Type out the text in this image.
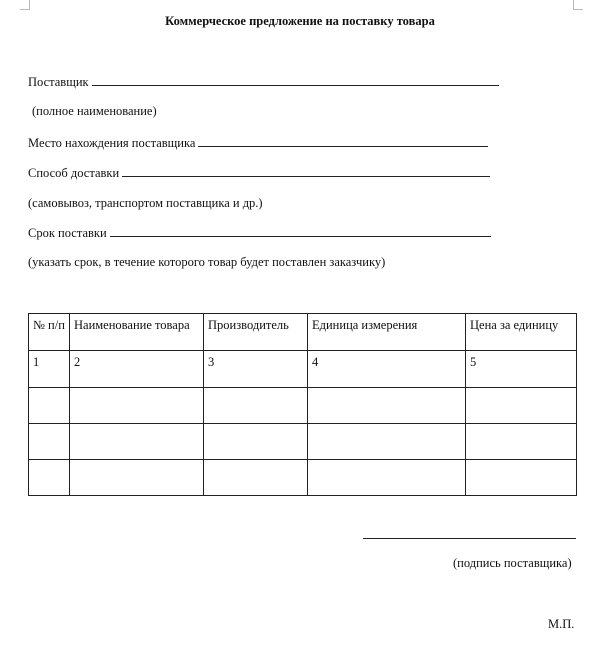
Коммерческое предложение на поставку товара
Поставщик
(полное наименование)
Место нахождения поставщика
Способ доставки
(самовывоз, транспортом поставщика и др.)
Срок поставки
(указать срок, в течение которого товар будет поставлен заказчику)
№ п/п	Наименование товара	Производитель	Единица измерения	Цена за единицу
1	2	3	4	5

(подпись поставщика)
М.П.
